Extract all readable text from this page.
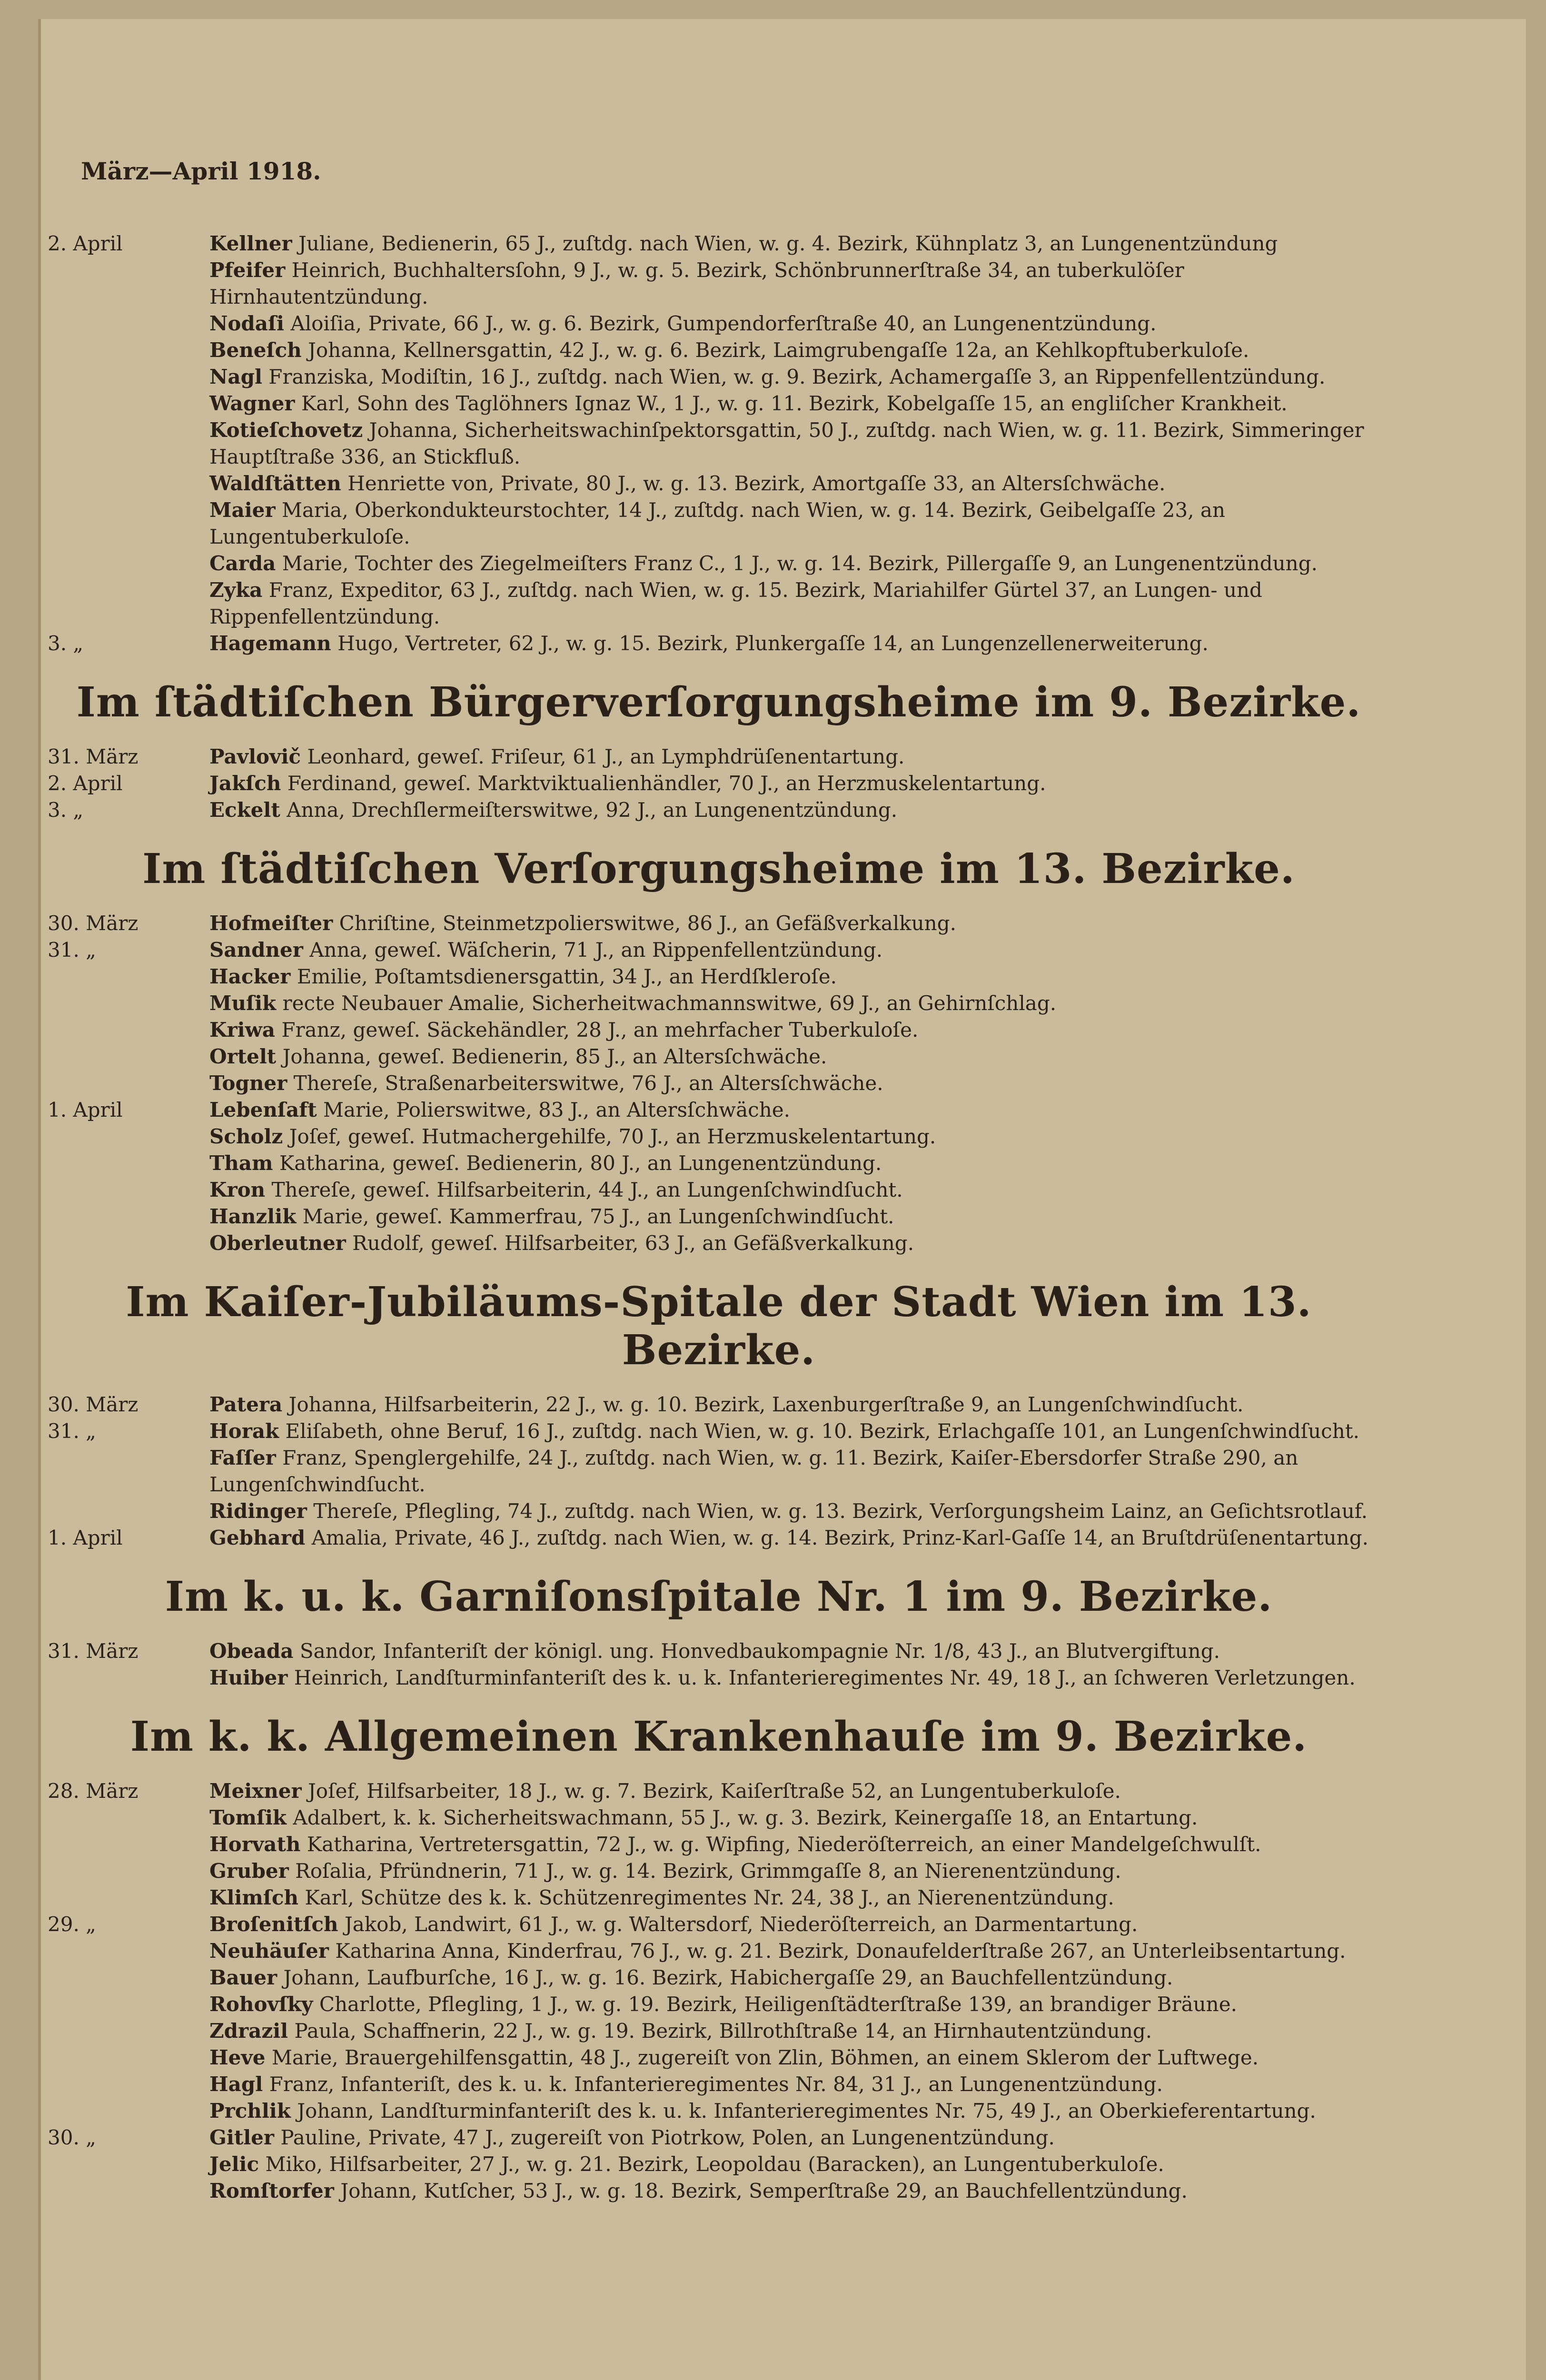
März—April 1918.
2. April	Kellner Juliane, Bedienerin, 65 J., zuſtdg. nach Wien, w. g. 4. Bezirk, Kühnplatz 3, an Lungenentzündung
Pfeifer Heinrich, Buchhaltersſohn, 9 J., w. g. 5. Bezirk, Schönbrunnerſtraße 34, an tuberkulöſer Hirnhautentzündung.
Nodaſi Aloiſia, Private, 66 J., w. g. 6. Bezirk, Gumpendorferſtraße 40, an Lungenentzündung.
Beneſch Johanna, Kellnersgattin, 42 J., w. g. 6. Bezirk, Laimgrubengaſſe 12a, an Kehlkopftuberkuloſe.
Nagl Franziska, Modiſtin, 16 J., zuſtdg. nach Wien, w. g. 9. Bezirk, Achamergaſſe 3, an Rippenfellentzündung.
Wagner Karl, Sohn des Taglöhners Ignaz W., 1 J., w. g. 11. Bezirk, Kobelgaſſe 15, an engliſcher Krankheit.
Kotieſchovetz Johanna, Sicherheitswachinſpektorsgattin, 50 J., zuſtdg. nach Wien, w. g. 11. Bezirk, Simmeringer Hauptſtraße 336, an Stickfluß.
Waldſtätten Henriette von, Private, 80 J., w. g. 13. Bezirk, Amortgaſſe 33, an Altersſchwäche.
Maier Maria, Oberkondukteurstochter, 14 J., zuſtdg. nach Wien, w. g. 14. Bezirk, Geibelgaſſe 23, an Lungentuberkuloſe.
Carda Marie, Tochter des Ziegelmeiſters Franz C., 1 J., w. g. 14. Bezirk, Pillergaſſe 9, an Lungenentzündung.
Zyka Franz, Expeditor, 63 J., zuſtdg. nach Wien, w. g. 15. Bezirk, Mariahilfer Gürtel 37, an Lungen- und Rippenfellentzündung.
3. „	Hagemann Hugo, Vertreter, 62 J., w. g. 15. Bezirk, Plunkergaſſe 14, an Lungenzellenerweiterung.
Im ſtädtiſchen Bürgerverſorgungsheime im 9. Bezirke.
31. März	Pavlovič Leonhard, geweſ. Friſeur, 61 J., an Lymphdrüſenentartung.
2. April	Jakſch Ferdinand, geweſ. Marktviktualienhändler, 70 J., an Herzmuskelentartung.
3. „	Eckelt Anna, Drechſlermeiſterswitwe, 92 J., an Lungenentzündung.
Im ſtädtiſchen Verſorgungsheime im 13. Bezirke.
30. März	Hofmeiſter Chriſtine, Steinmetzpolierswitwe, 86 J., an Gefäßverkalkung.
31. „	Sandner Anna, geweſ. Wäſcherin, 71 J., an Rippenfellentzündung.
Hacker Emilie, Poſtamtsdienersgattin, 34 J., an Herdſkleroſe.
Muſik recte Neubauer Amalie, Sicherheitwachmannswitwe, 69 J., an Gehirnſchlag.
Kriwa Franz, geweſ. Säckehändler, 28 J., an mehrfacher Tuberkuloſe.
Ortelt Johanna, geweſ. Bedienerin, 85 J., an Altersſchwäche.
Togner Thereſe, Straßenarbeiterswitwe, 76 J., an Altersſchwäche.
1. April	Lebenſaft Marie, Polierswitwe, 83 J., an Altersſchwäche.
Scholz Joſef, geweſ. Hutmachergehilfe, 70 J., an Herzmuskelentartung.
Tham Katharina, geweſ. Bedienerin, 80 J., an Lungenentzündung.
Kron Thereſe, geweſ. Hilfsarbeiterin, 44 J., an Lungenſchwindſucht.
Hanzlik Marie, geweſ. Kammerfrau, 75 J., an Lungenſchwindſucht.
Oberleutner Rudolf, geweſ. Hilfsarbeiter, 63 J., an Gefäßverkalkung.
Im Kaiſer-Jubiläums-Spitale der Stadt Wien im 13. Bezirke.
30. März	Patera Johanna, Hilfsarbeiterin, 22 J., w. g. 10. Bezirk, Laxenburgerſtraße 9, an Lungenſchwindſucht.
31. „	Horak Eliſabeth, ohne Beruf, 16 J., zuſtdg. nach Wien, w. g. 10. Bezirk, Erlachgaſſe 101, an Lungenſchwindſucht.
Faſſer Franz, Spenglergehilfe, 24 J., zuſtdg. nach Wien, w. g. 11. Bezirk, Kaiſer-Ebersdorfer Straße 290, an Lungenſchwindſucht.
Ridinger Thereſe, Pflegling, 74 J., zuſtdg. nach Wien, w. g. 13. Bezirk, Verſorgungsheim Lainz, an Geſichtsrotlauf.
1. April	Gebhard Amalia, Private, 46 J., zuſtdg. nach Wien, w. g. 14. Bezirk, Prinz-Karl-Gaſſe 14, an Bruſtdrüſenentartung.
Im k. u. k. Garniſonsſpitale Nr. 1 im 9. Bezirke.
31. März	Obeada Sandor, Infanteriſt der königl. ung. Honvedbaukompagnie Nr. 1/8, 43 J., an Blutvergiftung.
Huiber Heinrich, Landſturminfanteriſt des k. u. k. Infanterieregimentes Nr. 49, 18 J., an ſchweren Verletzungen.
Im k. k. Allgemeinen Krankenhauſe im 9. Bezirke.
28. März	Meixner Joſef, Hilfsarbeiter, 18 J., w. g. 7. Bezirk, Kaiſerſtraße 52, an Lungentuberkuloſe.
Tomſik Adalbert, k. k. Sicherheitswachmann, 55 J., w. g. 3. Bezirk, Keinergaſſe 18, an Entartung.
Horvath Katharina, Vertretersgattin, 72 J., w. g. Wipfing, Niederöſterreich, an einer Mandelgeſchwulſt.
Gruber Roſalia, Pfründnerin, 71 J., w. g. 14. Bezirk, Grimmgaſſe 8, an Nierenentzündung.
Klimſch Karl, Schütze des k. k. Schützenregimentes Nr. 24, 38 J., an Nierenentzündung.
29. „	Broſenitſch Jakob, Landwirt, 61 J., w. g. Waltersdorf, Niederöſterreich, an Darmentartung.
Neuhäuſer Katharina Anna, Kinderfrau, 76 J., w. g. 21. Bezirk, Donaufelderſtraße 267, an Unterleibsentartung.
Bauer Johann, Laufburſche, 16 J., w. g. 16. Bezirk, Habichergaſſe 29, an Bauchfellentzündung.
Rohovſky Charlotte, Pflegling, 1 J., w. g. 19. Bezirk, Heiligenſtädterſtraße 139, an brandiger Bräune.
Zdrazil Paula, Schaffnerin, 22 J., w. g. 19. Bezirk, Billrothſtraße 14, an Hirnhautentzündung.
Heve Marie, Brauergehilfensgattin, 48 J., zugereiſt von Zlin, Böhmen, an einem Sklerom der Luftwege.
Hagl Franz, Infanteriſt, des k. u. k. Infanterieregimentes Nr. 84, 31 J., an Lungenentzündung.
Prchlik Johann, Landſturminfanteriſt des k. u. k. Infanterieregimentes Nr. 75, 49 J., an Oberkieferentartung.
30. „	Gitler Pauline, Private, 47 J., zugereiſt von Piotrkow, Polen, an Lungenentzündung.
Jelic Miko, Hilfsarbeiter, 27 J., w. g. 21. Bezirk, Leopoldau (Baracken), an Lungentuberkuloſe.
Romſtorfer Johann, Kutſcher, 53 J., w. g. 18. Bezirk, Semperſtraße 29, an Bauchfellentzündung.
